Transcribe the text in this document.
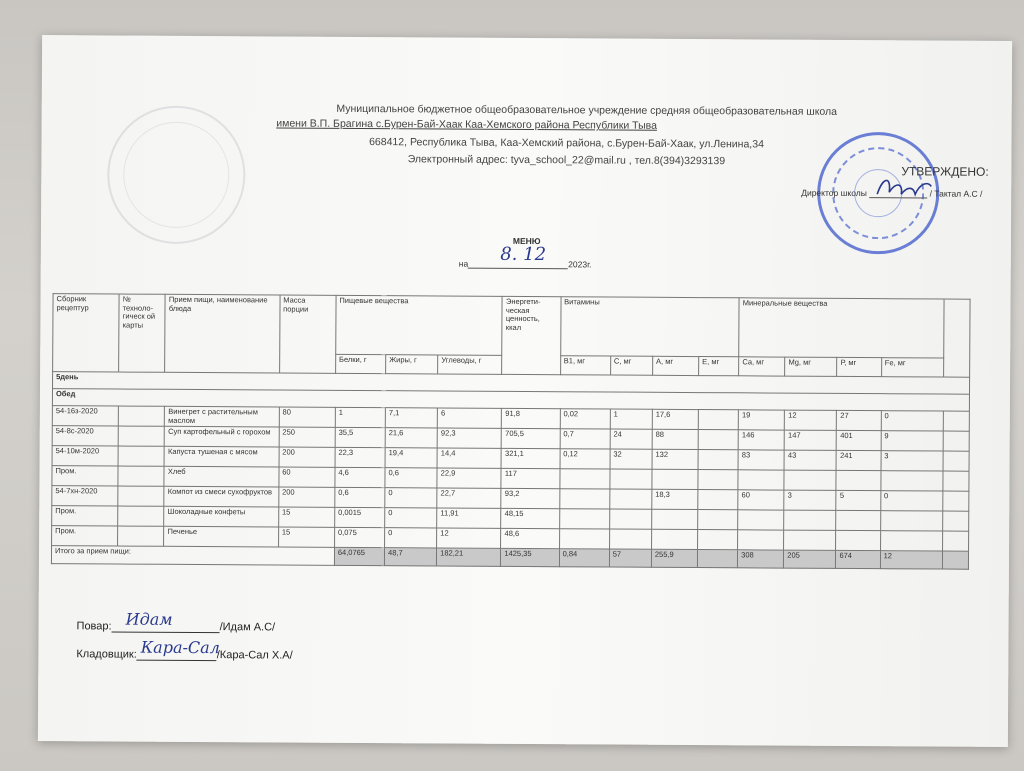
Муниципальное бюджетное общеобразовательное учреждение средняя общеобразовательная школа
имени В.П. Брагина с.Бурен-Бай-Хаак Каа-Хемского района Республики Тыва
668412, Республика Тыва, Каа-Хемский района, с.Бурен-Бай-Хаак, ул.Ленина,34
Электронный адрес: tyva_school_22@mail.ru , тел.8(394)3293139
УТВЕРЖДЕНО:
Директор школы	/ Тактал А.С /
МЕНЮ
на 8. 12	2023г.
Сборник рецептур	№ техноло-гическ ой карты	Прием пищи, наименование блюда	Масса порции	Пищевые вещества			Энергети-ческая ценность, ккал	Витамины				Минеральные вещества				
				Белки, г	Жиры, г	Углеводы, г		В1, мг	С, мг	А, мг	Е, мг	Са, мг	Mg, мг	Р, мг	Fe, мг	
5день																
Обед																
54-16з-2020		Винегрет с растительным маслом	80	1	7,1	6	91,8	0,02	1	17,6		19	12	27	0	
54-8с-2020		Суп картофельный с горохом	250	35,5	21,6	92,3	705,5	0,7	24	88		146	147	401	9	
54-10м-2020		Капуста тушеная с мясом	200	22,3	19,4	14,4	321,1	0,12	32	132		83	43	241	3	
Пром.		Хлеб	60	4,6	0,6	22,9	117									
54-7хн-2020		Компот из смеси сухофруктов	200	0,6	0	22,7	93,2			18,3		60	3	5	0	
Пром.		Шоколадные конфеты	15	0,0015	0	11,91	48,15									
Пром.		Печенье	15	0,075	0	12	48,6									
Итого за прием пищи:				64,0765	48,7	182,21	1425,35	0,84	57	255,9		308	205	674	12	
Повар: Идам	/Идам А.С/
Кладовщик: Кара-Сал
/Кара-Сал Х.А/
